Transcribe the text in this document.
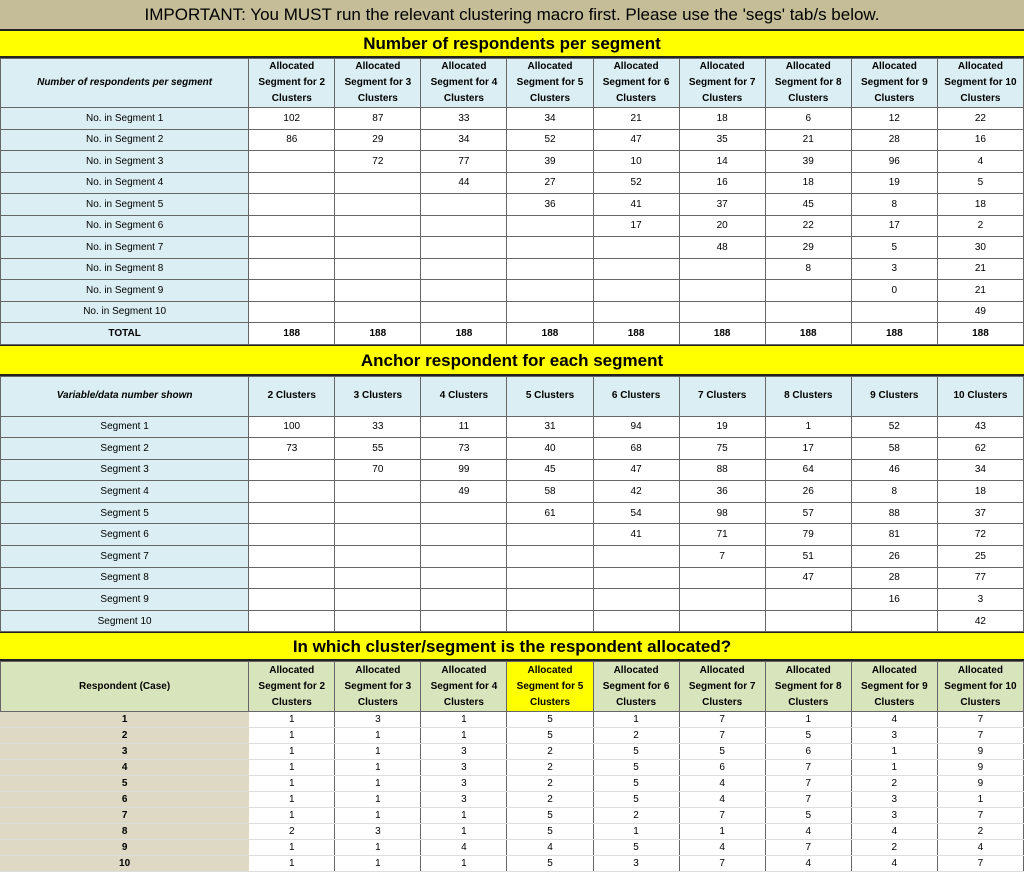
IMPORTANT: You MUST run the relevant clustering macro first. Please use the 'segs' tab/s below.
Number of respondents per segment
Number of respondents per segment	Allocated Segment for 2 Clusters	Allocated Segment for 3 Clusters	Allocated Segment for 4 Clusters	Allocated Segment for 5 Clusters	Allocated Segment for 6 Clusters	Allocated Segment for 7 Clusters	Allocated Segment for 8 Clusters	Allocated Segment for 9 Clusters	Allocated Segment for 10 Clusters
No. in Segment 1	102	87	33	34	21	18	6	12	22
No. in Segment 2	86	29	34	52	47	35	21	28	16
No. in Segment 3		72	77	39	10	14	39	96	4
No. in Segment 4			44	27	52	16	18	19	5
No. in Segment 5				36	41	37	45	8	18
No. in Segment 6					17	20	22	17	2
No. in Segment 7						48	29	5	30
No. in Segment 8							8	3	21
No. in Segment 9								0	21
No. in Segment 10									49
TOTAL	188	188	188	188	188	188	188	188	188
Anchor respondent for each segment
Variable/data number shown	2 Clusters	3 Clusters	4 Clusters	5 Clusters	6 Clusters	7 Clusters	8 Clusters	9 Clusters	10 Clusters
Segment 1	100	33	11	31	94	19	1	52	43
Segment 2	73	55	73	40	68	75	17	58	62
Segment 3		70	99	45	47	88	64	46	34
Segment 4			49	58	42	36	26	8	18
Segment 5				61	54	98	57	88	37
Segment 6					41	71	79	81	72
Segment 7						7	51	26	25
Segment 8							47	28	77
Segment 9								16	3
Segment 10									42
In which cluster/segment is the respondent allocated?
Respondent (Case)	Allocated Segment for 2 Clusters	Allocated Segment for 3 Clusters	Allocated Segment for 4 Clusters	Allocated Segment for 5 Clusters	Allocated Segment for 6 Clusters	Allocated Segment for 7 Clusters	Allocated Segment for 8 Clusters	Allocated Segment for 9 Clusters	Allocated Segment for 10 Clusters
1	1	3	1	5	1	7	1	4	7
2	1	1	1	5	2	7	5	3	7
3	1	1	3	2	5	5	6	1	9
4	1	1	3	2	5	6	7	1	9
5	1	1	3	2	5	4	7	2	9
6	1	1	3	2	5	4	7	3	1
7	1	1	1	5	2	7	5	3	7
8	2	3	1	5	1	1	4	4	2
9	1	1	4	4	5	4	7	2	4
10	1	1	1	5	3	7	4	4	7
